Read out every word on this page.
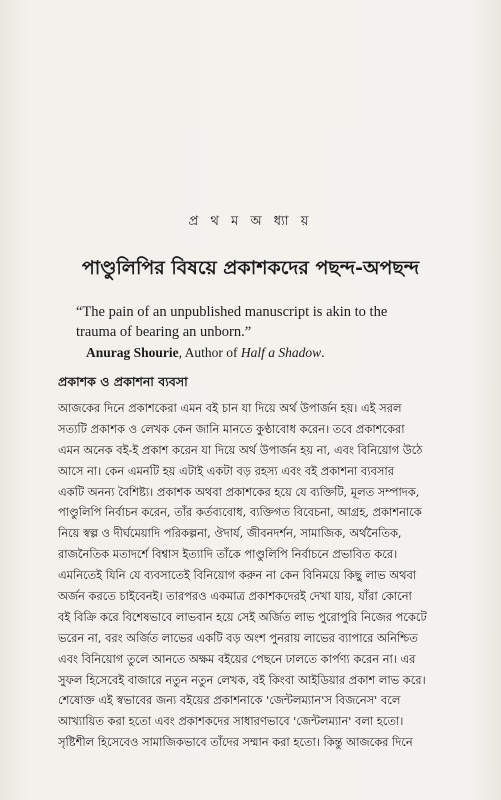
প্র থ ম অ ধ্যা য়
পাণ্ডুলিপির বিষয়ে প্রকাশকদের পছন্দ-অপছন্দ
“The pain of an unpublished manuscript is akin to the
trauma of bearing an unborn.”
Anurag Shourie, Author of Half a Shadow.
প্রকাশক ও প্রকাশনা ব্যবসা
আজকের দিনে প্রকাশকেরা এমন বই চান যা দিয়ে অর্থ উপার্জন হয়। এই সরল
সত্যটি প্রকাশক ও লেখক কেন জানি মানতে কুণ্ঠাবোধ করেন। তবে প্রকাশকেরা
এমন অনেক বই-ই প্রকাশ করেন যা দিয়ে অর্থ উপার্জন হয় না, এবং বিনিয়োগ উঠে
আসে না। কেন এমনটি হয় এটাই একটা বড় রহস্য এবং বই প্রকাশনা ব্যবসার
একটি অনন্য বৈশিষ্ট্য। প্রকাশক অথবা প্রকাশকের হয়ে যে ব্যক্তিটি, মূলত সম্পাদক,
পাণ্ডুলিপি নির্বাচন করেন, তাঁর কর্তব্যবোধ, ব্যক্তিগত বিবেচনা, আগ্রহ, প্রকাশনাকে
নিয়ে স্বল্প ও দীর্ঘমেয়াদি পরিকল্পনা, ঔদার্য, জীবনদর্শন, সামাজিক, অর্থনৈতিক,
রাজনৈতিক মতাদর্শে বিশ্বাস ইত্যাদি তাঁকে পাণ্ডুলিপি নির্বাচনে প্রভাবিত করে।
এমনিতেই যিনি যে ব্যবসাতেই বিনিয়োগ করুন না কেন বিনিময়ে কিছু লাভ অথবা
অর্জন করতে চাইবেনই। তারপরও একমাত্র প্রকাশকদেরই দেখা যায়, যাঁরা কোনো
বই বিক্রি করে বিশেষভাবে লাভবান হয়ে সেই অর্জিত লাভ পুরোপুরি নিজের পকেটে
ভরেন না, বরং অর্জিত লাভের একটি বড় অংশ পুনরায় লাভের ব্যাপারে অনিশ্চিত
এবং বিনিয়োগ তুলে আনতে অক্ষম বইয়ের পেছনে ঢালতে কার্পণ্য করেন না। এর
সুফল হিসেবেই বাজারে নতুন নতুন লেখক, বই কিংবা আইডিয়ার প্রকাশ লাভ করে।
শেষোক্ত এই স্বভাবের জন্য বইয়ের প্রকাশনাকে 'জেন্টলম্যান'স বিজনেস' বলে
আখ্যায়িত করা হতো এবং প্রকাশকদের সাধারণভাবে 'জেন্টলম্যান' বলা হতো।
সৃষ্টিশীল হিসেবেও সামাজিকভাবে তাঁদের সম্মান করা হতো। কিন্তু আজকের দিনে
